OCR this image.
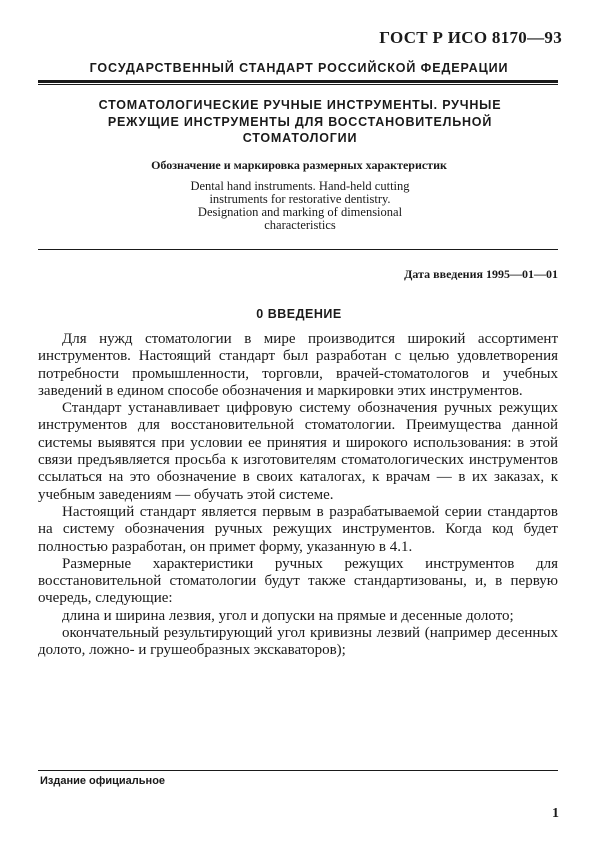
ГОСТ Р ИСО 8170—93
ГОСУДАРСТВЕННЫЙ СТАНДАРТ РОССИЙСКОЙ ФЕДЕРАЦИИ
СТОМАТОЛОГИЧЕСКИЕ РУЧНЫЕ ИНСТРУМЕНТЫ. РУЧНЫЕ
РЕЖУЩИЕ ИНСТРУМЕНТЫ ДЛЯ ВОССТАНОВИТЕЛЬНОЙ
СТОМАТОЛОГИИ
Обозначение и маркировка размерных характеристик
Dental hand instruments. Hand-held cutting
instruments for restorative dentistry.
Designation and marking of dimensional
characteristics
Дата введения 1995—01—01
0 ВВЕДЕНИЕ

Для нужд стоматологии в мире производится широкий ассортимент инструментов. Настоящий стандарт был разработан с целью удовлетворения потребности промышленности, торговли, врачей-стоматологов и учебных заведений в едином способе обозначения и маркировки этих инструментов.

Стандарт устанавливает цифровую систему обозначения ручных режущих инструментов для восстановительной стоматологии. Преимущества данной системы выявятся при условии ее принятия и широкого использования: в этой связи предъявляется просьба к изготовителям стоматологических инструментов ссылаться на это обозначение в своих каталогах, к врачам — в их заказах, к учебным заведениям — обучать этой системе.

Настоящий стандарт является первым в разрабатываемой серии стандартов на систему обозначения ручных режущих инструментов. Когда код будет полностью разработан, он примет форму, указанную в 4.1.

Размерные характеристики ручных режущих инструментов для восстановительной стоматологии будут также стандартизованы, и, в первую очередь, следующие:

длина и ширина лезвия, угол и допуски на прямые и десенные долото;

окончательный результирующий угол кривизны лезвий (например десенных долото, ложно- и грушеобразных экскаваторов);

Издание официальное
1
